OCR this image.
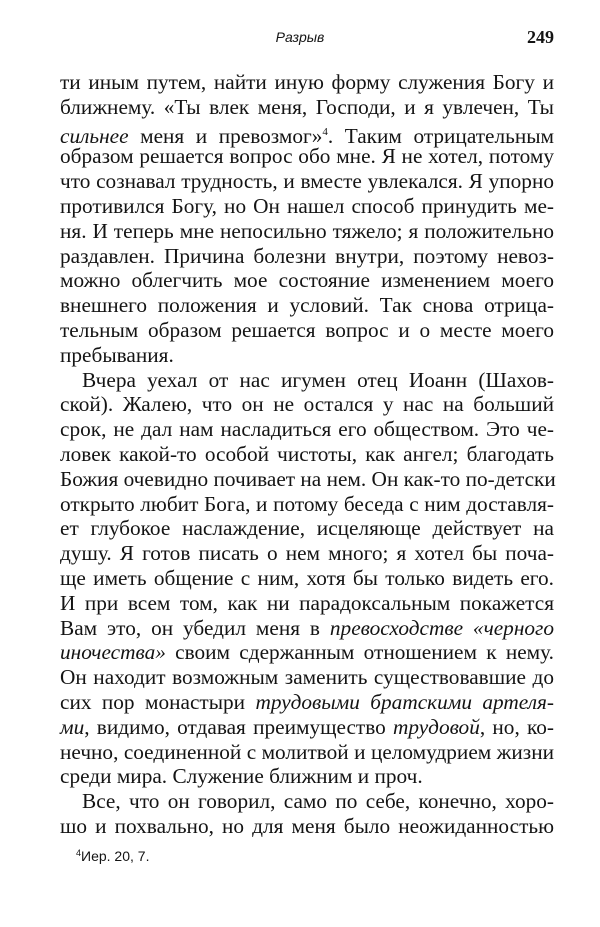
Разрыв	249
ти иным путем, найти иную форму служения Богу и
ближнему. «Ты влек меня, Господи, и я увлечен, Ты
сильнее меня и превозмог»$^4$. Таким отрицательным
образом решается вопрос обо мне. Я не хотел, потому
что сознавал трудность, и вместе увлекался. Я упорно
противился Богу, но Он нашел способ принудить ме-
ня. И теперь мне непосильно тяжело; я положительно
раздавлен. Причина болезни внутри, поэтому невоз-
можно облегчить мое состояние изменением моего
внешнего положения и условий. Так снова отрица-
тельным образом решается вопрос и о месте моего
пребывания.
Вчера уехал от нас игумен отец Иоанн (Шахов-
ской). Жалею, что он не остался у нас на больший
срок, не дал нам насладиться его обществом. Это че-
ловек какой-то особой чистоты, как ангел; благодать
Божия очевидно почивает на нем. Он как-то по-детски
открыто любит Бога, и потому беседа с ним доставля-
ет глубокое наслаждение, исцеляюще действует на
душу. Я готов писать о нем много; я хотел бы поча-
ще иметь общение с ним, хотя бы только видеть его.
И при всем том, как ни парадоксальным покажется
Вам это, он убедил меня в превосходстве «черного
иночества» своим сдержанным отношением к нему.
Он находит возможным заменить существовавшие до
сих пор монастыри трудовыми братскими артеля-
ми, видимо, отдавая преимущество трудовой, но, ко-
нечно, соединенной с молитвой и целомудрием жизни
среди мира. Служение ближним и проч.
Все, что он говорил, само по себе, конечно, хоро-
шо и похвально, но для меня было неожиданностью
$^4$Иер. 20, 7.
